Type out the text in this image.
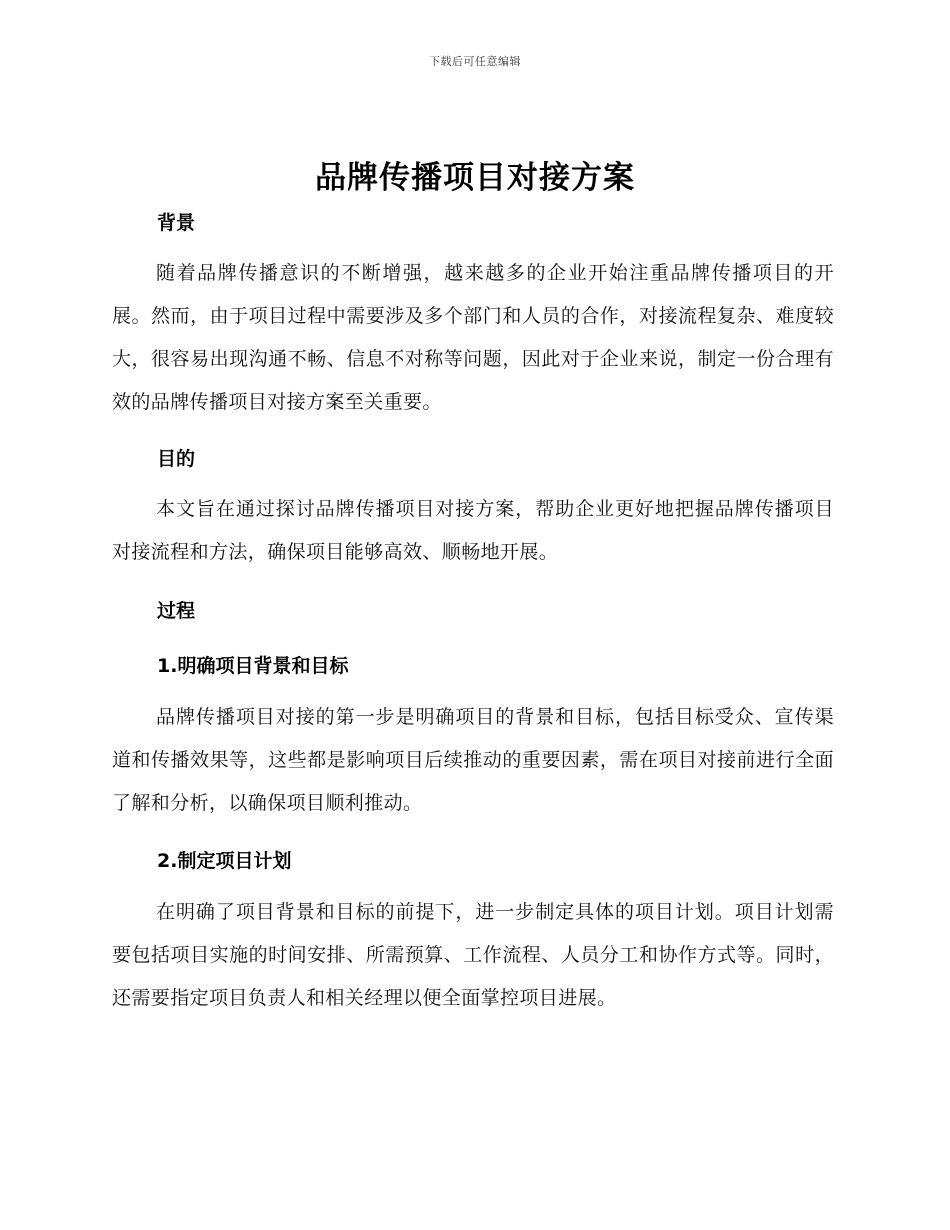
下载后可任意编辑
品牌传播项目对接方案
背景
随着品牌传播意识的不断增强，越来越多的企业开始注重品牌传播项目的开展。然而，由于项目过程中需要涉及多个部门和人员的合作，对接流程复杂、难度较大，很容易出现沟通不畅、信息不对称等问题，因此对于企业来说，制定一份合理有效的品牌传播项目对接方案至关重要。
目的
本文旨在通过探讨品牌传播项目对接方案，帮助企业更好地把握品牌传播项目对接流程和方法，确保项目能够高效、顺畅地开展。
过程
1.明确项目背景和目标
品牌传播项目对接的第一步是明确项目的背景和目标，包括目标受众、宣传渠道和传播效果等，这些都是影响项目后续推动的重要因素，需在项目对接前进行全面了解和分析，以确保项目顺利推动。
2.制定项目计划
在明确了项目背景和目标的前提下，进一步制定具体的项目计划。项目计划需要包括项目实施的时间安排、所需预算、工作流程、人员分工和协作方式等。同时，还需要指定项目负责人和相关经理以便全面掌控项目进展。
